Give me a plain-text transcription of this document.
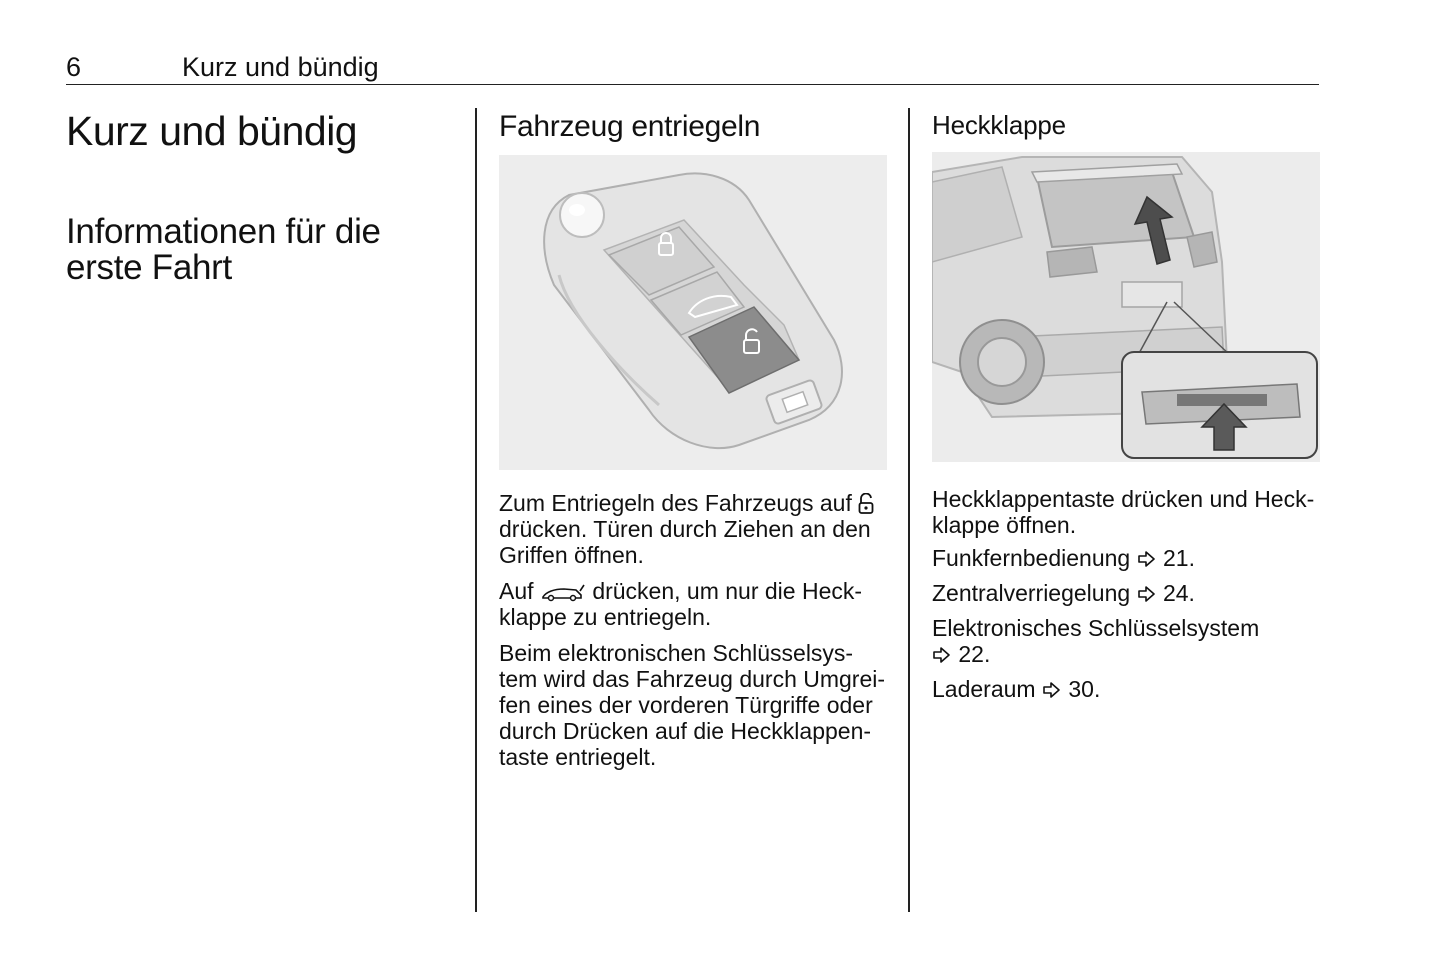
6	Kurz und bündig
Kurz und bündig
Informationen für die
erste Fahrt
Fahrzeug entriegeln
Zum Entriegeln des Fahrzeugs auf
drücken. Türen durch Ziehen an den
Griffen öffnen.
Auf	drücken, um nur die Heck-
klappe zu entriegeln.
Beim elektronischen Schlüsselsys-
tem wird das Fahrzeug durch Umgrei-
fen eines der vorderen Türgriffe oder
durch Drücken auf die Heckklappen-
taste entriegelt.
Heckklappe
Heckklappentaste drücken und Heck-
klappe öffnen.
Funkfernbedienung 21.
Zentralverriegelung 24.
Elektronisches Schlüsselsystem
22.
Laderaum 30.
